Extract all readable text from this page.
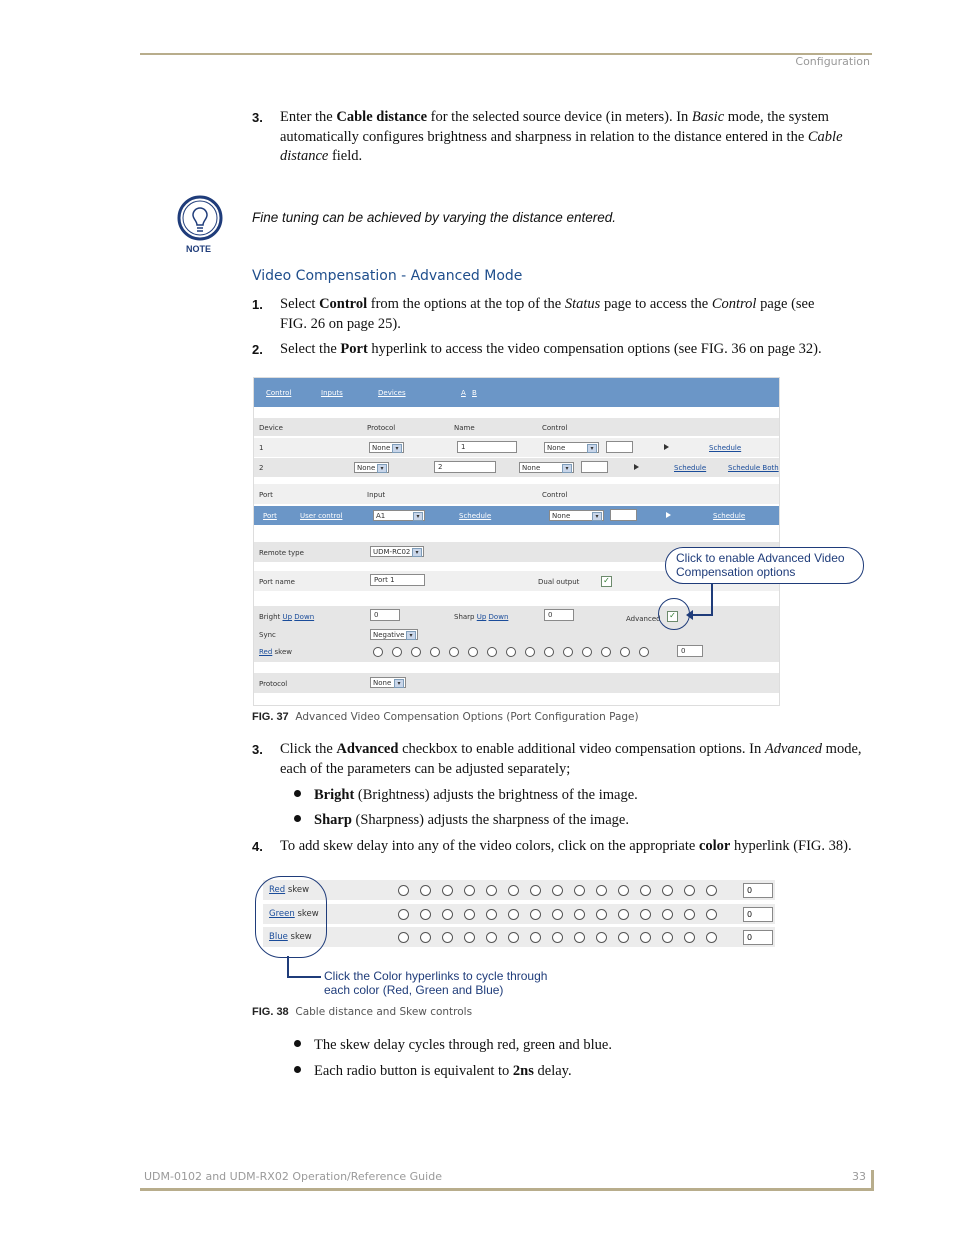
Configuration
3. Enter the Cable distance for the selected source device (in meters). In Basic mode, the system
automatically configures brightness and sharpness in relation to the distance entered in the Cable
distance field.
NOTE
Fine tuning can be achieved by varying the distance entered.
Video Compensation - Advanced Mode
1. Select Control from the options at the top of the Status page to access the Control page (see
FIG. 26 on page 25).
2. Select the Port hyperlink to access the video compensation options (see FIG. 36 on page 32).
Control	Inputs	Devices	A B
Device	Protocol	Name	Control
1	None ▾	1	None	▾	Schedule
2	None ▾	2	None	▾	Schedule	Schedule Both
Port	Input	Control
Port	User control	A1	▾	Schedule	None	▾	Schedule
Remote type	UDM-RC02 ▾
Port name	Port 1	Dual output	✓
Bright Up Down	0	Sharp Up Down	0	Advanced ✓
Sync	Negative ▾
Red skew	0
Protocol	None	▾
Click to enable Advanced Video
Compensation options
FIG. 37 Advanced Video Compensation Options (Port Configuration Page)
3. Click the Advanced checkbox to enable additional video compensation options. In Advanced mode,
each of the parameters can be adjusted separately;
Bright (Brightness) adjusts the brightness of the image.
Sharp (Sharpness) adjusts the sharpness of the image.
4. To add skew delay into any of the video colors, click on the appropriate color hyperlink (FIG. 38).
Red skew	0
Green skew	0
Blue skew	0
Click the Color hyperlinks to cycle through
each color (Red, Green and Blue)
FIG. 38 Cable distance and Skew controls
The skew delay cycles through red, green and blue.
Each radio button is equivalent to 2ns delay.
UDM-0102 and UDM-RX02 Operation/Reference Guide	33
